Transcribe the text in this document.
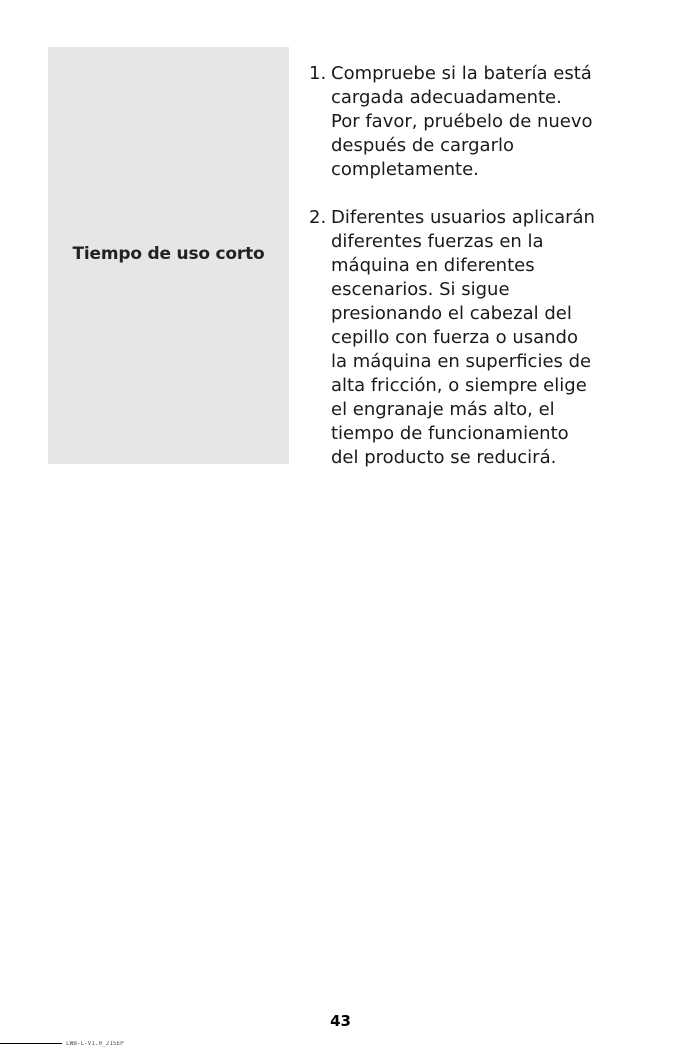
Tiempo de uso corto
1. Compruebe si la batería está
cargada adecuadamente.
Por favor, pruébelo de nuevo
después de cargarlo
completamente.
2. Diferentes usuarios aplicarán
diferentes fuerzas en la
máquina en diferentes
escenarios. Si sigue
presionando el cabezal del
cepillo con fuerza o usando
la máquina en superficies de
alta fricción, o siempre elige
el engranaje más alto, el
tiempo de funcionamiento
del producto se reducirá.
43
LWB-L-V1.0_21SEP
